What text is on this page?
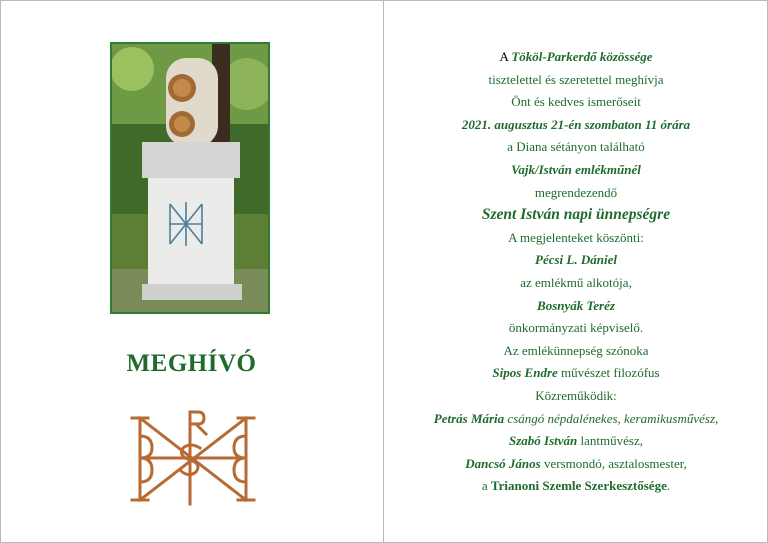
MEGHÍVÓ
A Tököl-Parkerdő közössége
tisztelettel és szeretettel meghívja
Önt és kedves ismerőseit
2021. augusztus 21-én szombaton 11 órára
a Diana sétányon található
Vajk/István emlékműnél
megrendezendő
Szent István napi ünnepségre
A megjelenteket köszönti:
Pécsi L. Dániel
az emlékmű alkotója,
Bosnyák Teréz
önkormányzati képviselő.
Az emlékünnepség szónoka
Sipos Endre művészet filozófus
Közreműködik:
Petrás Mária csángó népdalénekes, keramikusművész,
Szabó István lantművész,
Dancsó János versmondó, asztalosmester,
a Trianoni Szemle Szerkesztősége.
